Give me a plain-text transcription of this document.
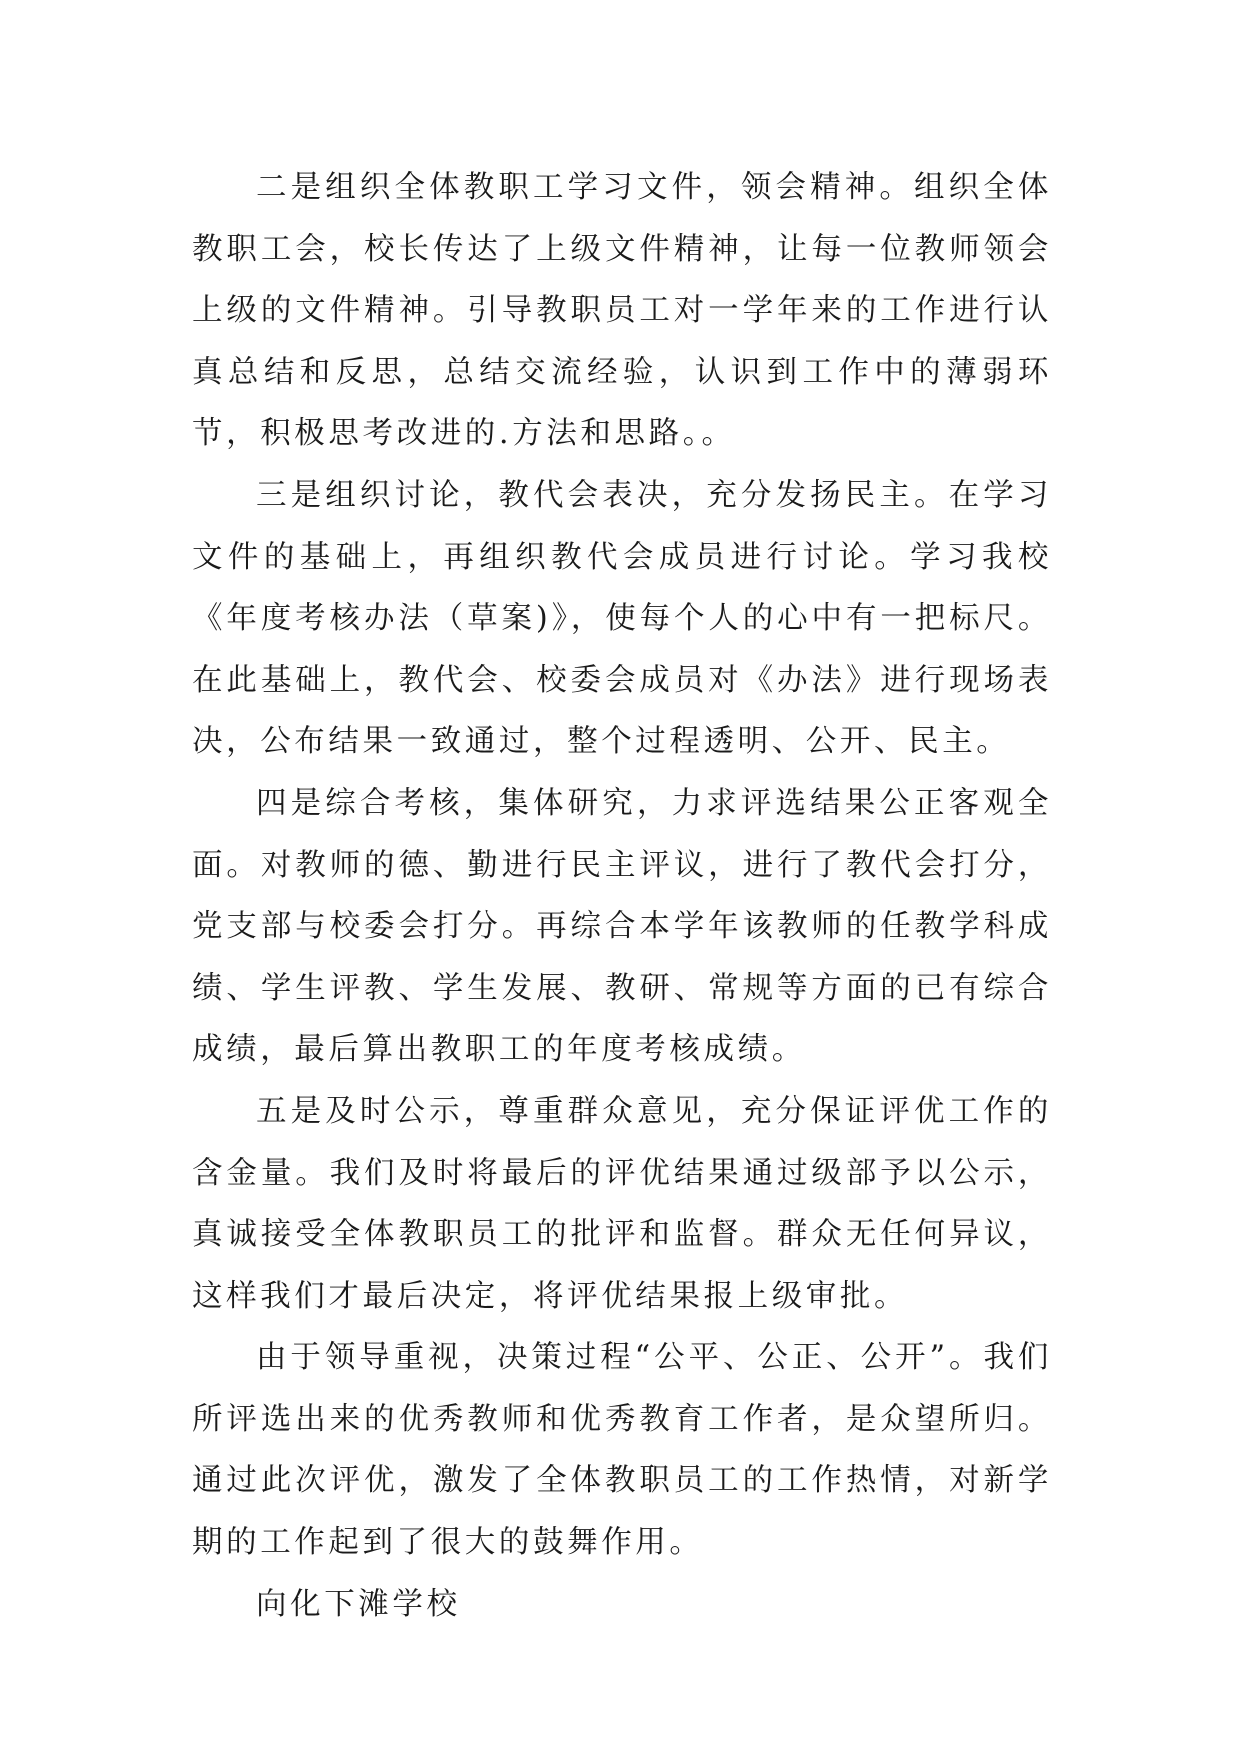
二是组织全体教职工学习文件，领会精神。组织全体教职工会，校长传达了上级文件精神，让每一位教师领会上级的文件精神。引导教职员工对一学年来的工作进行认真总结和反思，总结交流经验，认识到工作中的薄弱环节，积极思考改进的.方法和思路。。

三是组织讨论，教代会表决，充分发扬民主。在学习文件的基础上，再组织教代会成员进行讨论。学习我校《年度考核办法（草案)》，使每个人的心中有一把标尺。在此基础上，教代会、校委会成员对《办法》进行现场表决，公布结果一致通过，整个过程透明、公开、民主。

四是综合考核，集体研究，力求评选结果公正客观全面。对教师的德、勤进行民主评议，进行了教代会打分，党支部与校委会打分。再综合本学年该教师的任教学科成绩、学生评教、学生发展、教研、常规等方面的已有综合成绩，最后算出教职工的年度考核成绩。

五是及时公示，尊重群众意见，充分保证评优工作的含金量。我们及时将最后的评优结果通过级部予以公示，真诚接受全体教职员工的批评和监督。群众无任何异议，这样我们才最后决定，将评优结果报上级审批。

由于领导重视，决策过程“公平、公正、公开”。我们所评选出来的优秀教师和优秀教育工作者，是众望所归。通过此次评优，激发了全体教职员工的工作热情，对新学期的工作起到了很大的鼓舞作用。

向化下滩学校
